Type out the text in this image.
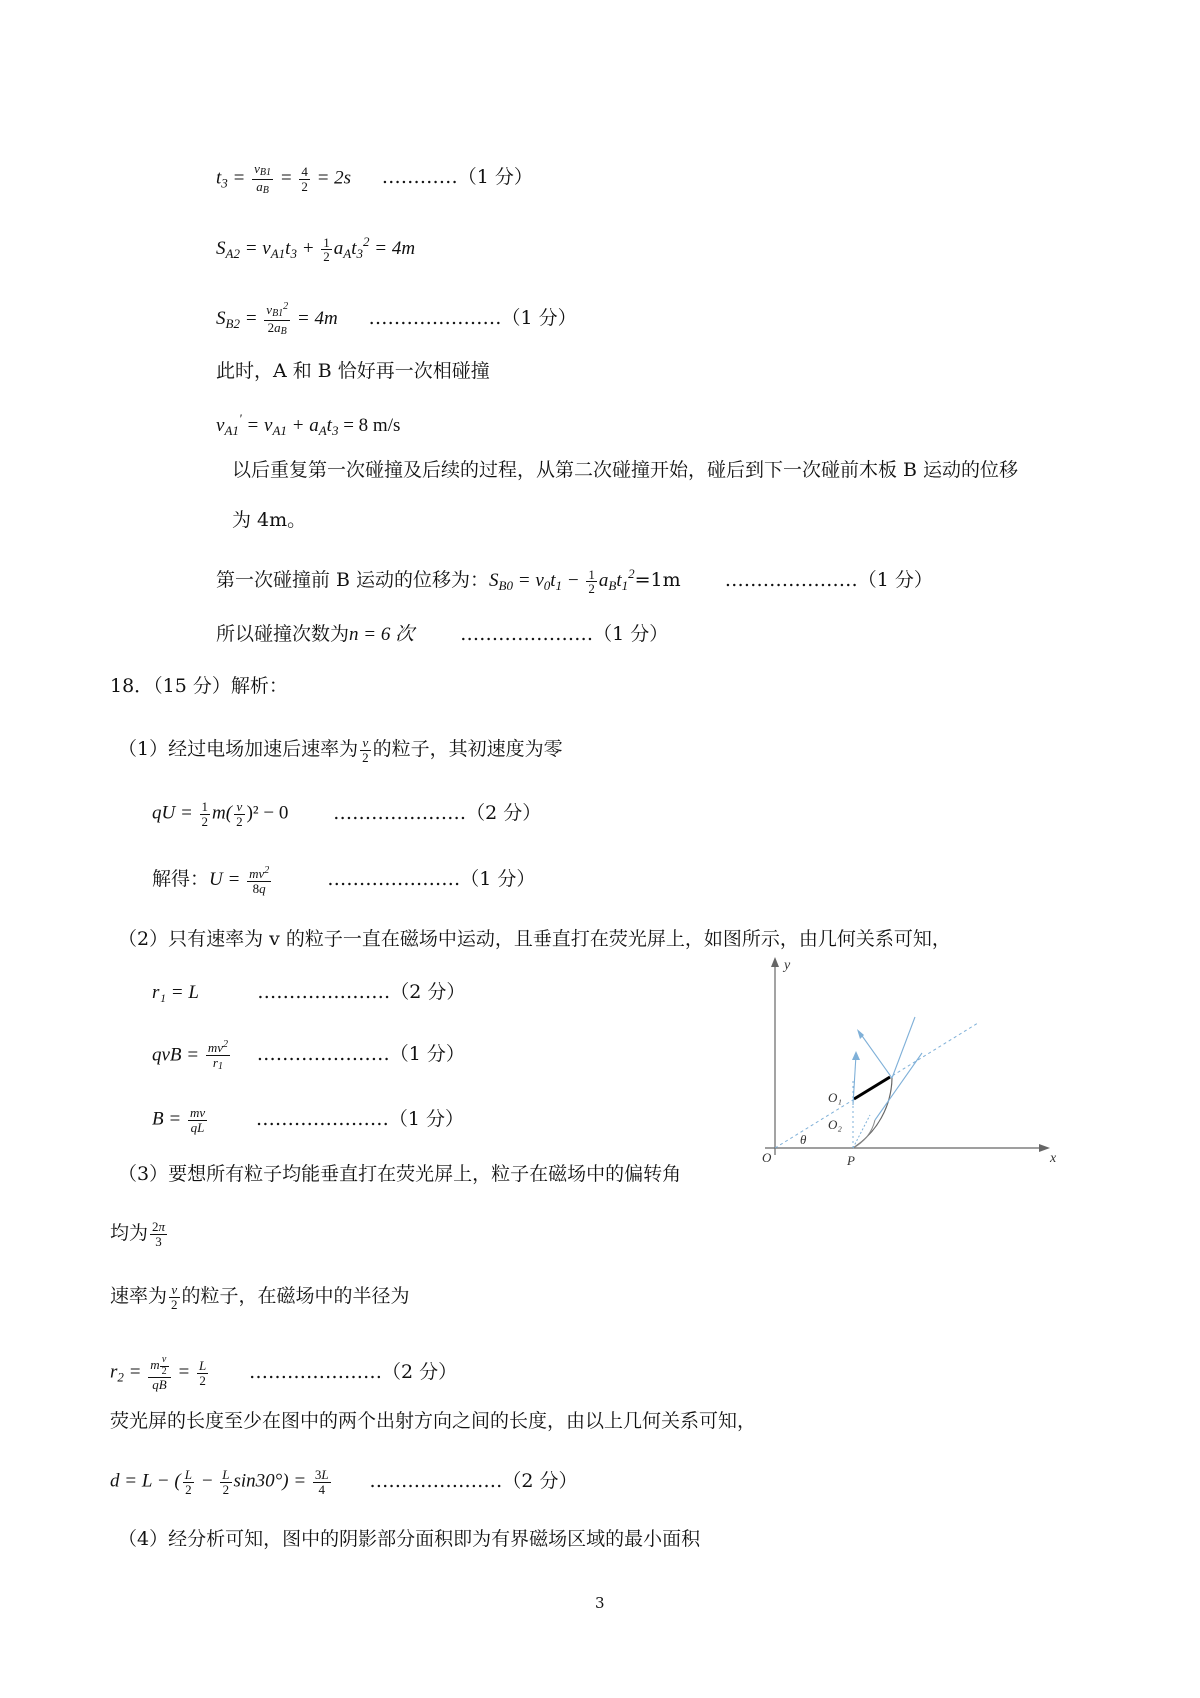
$t_3 = \frac{v_{B1}}{a_B} = \frac{4}{2} = 2s$ …………（1 分）
$S_{A2} = v_{A1}t_3 + \frac{1}{2} a_At_3^2 = 4m$
$S_{B2} = \frac{v_{B1}^2}{2a_B} = 4m$ …………………（1 分）
此时，A 和 B 恰好再一次相碰撞
$v_{A1}' = v_{A1} + a_At_3 = 8$ m/s
以后重复第一次碰撞及后续的过程，从第二次碰撞开始，碰后到下一次碰前木板 B 运动的位移
为 4m。
第一次碰撞前 B 运动的位移为：$S_{B0} = v_0t_1 - \frac{1}{2} a_Bt_1^2=1m$ …………………（1 分）
所以碰撞次数为n = 6 次 …………………（1 分）
18．（15 分）解析：
（1）经过电场加速后速率为 $\frac{v}{2}$ 的粒子，其初速度为零
qU = $\frac{1}{2} m( \frac{v}{2} )^2 - 0$ …………………（2 分）
解得：$U = \frac{mv^2}{8q}$	…………………（1 分）
（2）只有速率为 v 的粒子一直在磁场中运动，且垂直打在荧光屏上，如图所示，由几何关系可知，
r₁ = L	…………………（2 分）
qvB = $\frac{mv^2}{r_1}$ …………………（1 分）
$B = \frac{mv}{qL}$	…………………（1 分）
（3）要想所有粒子均能垂直打在荧光屏上，粒子在磁场中的偏转角
均为 $\frac{2\pi}{3}$
速率为 $\frac{v}{2}$ 的粒子，在磁场中的半径为
$r_2 = \frac{m \frac{v}{2}}{qB} = \frac{L}{2}$ …………………（2 分）
荧光屏的长度至少在图中的两个出射方向之间的长度，由以上几何关系可知，
d = L − ( $\frac{L}{2} - \frac{L}{2} \sin 30^\circ) = \frac{3L}{4}$ …………………（2 分）
（4）经分析可知，图中的阴影部分面积即为有界磁场区域的最小面积
3
y
x
O	P
θ
O₁
O₂
